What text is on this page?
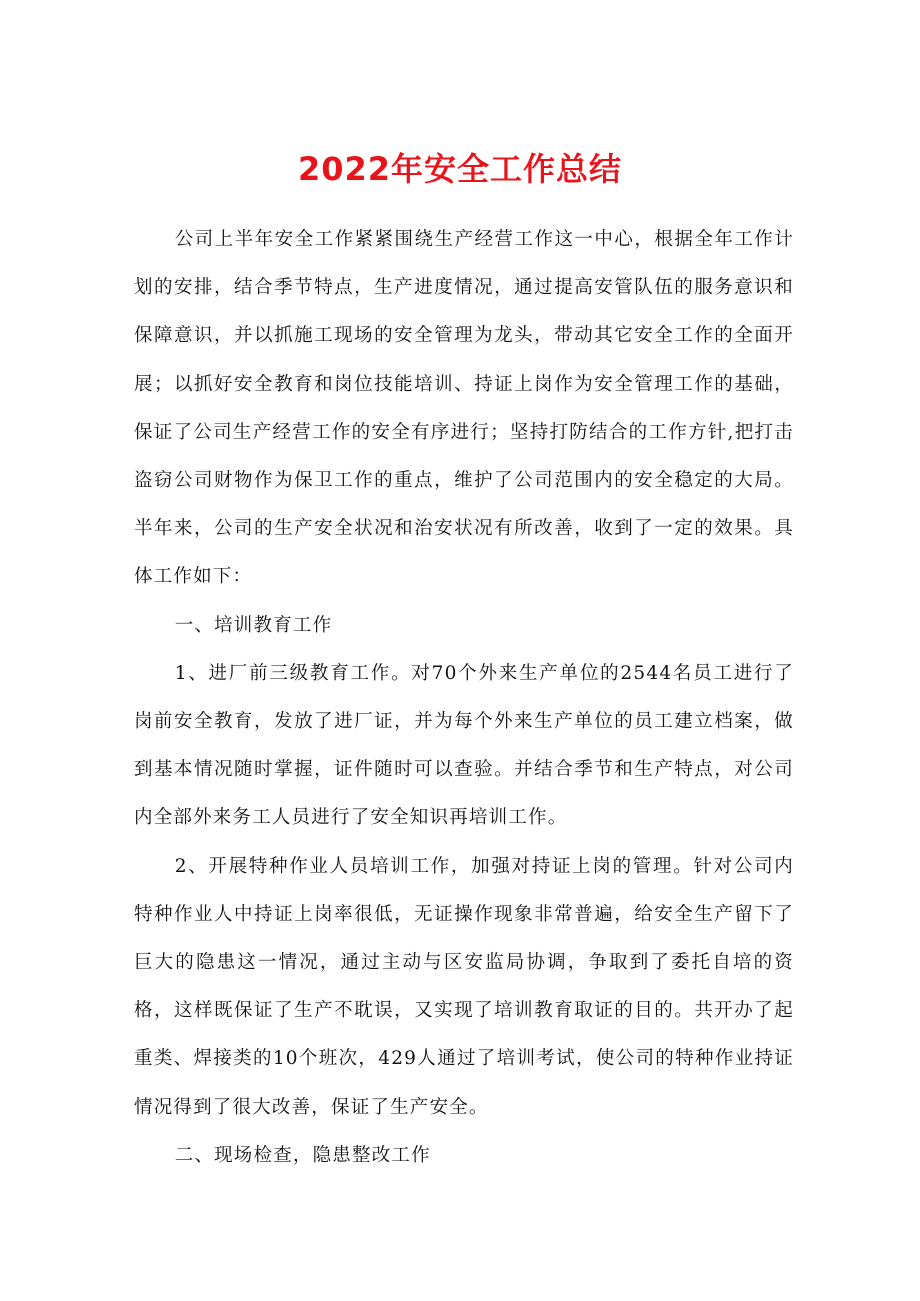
2022年安全工作总结

公司上半年安全工作紧紧围绕生产经营工作这一中心，根据全年工作计划的安排，结合季节特点，生产进度情况，通过提高安管队伍的服务意识和保障意识，并以抓施工现场的安全管理为龙头，带动其它安全工作的全面开展；以抓好安全教育和岗位技能培训、持证上岗作为安全管理工作的基础，保证了公司生产经营工作的安全有序进行；坚持打防结合的工作方针,把打击盗窃公司财物作为保卫工作的重点，维护了公司范围内的安全稳定的大局。半年来，公司的生产安全状况和治安状况有所改善，收到了一定的效果。具体工作如下：

一、培训教育工作

1、进厂前三级教育工作。对70个外来生产单位的2544名员工进行了岗前安全教育，发放了进厂证，并为每个外来生产单位的员工建立档案，做到基本情况随时掌握，证件随时可以查验。并结合季节和生产特点，对公司内全部外来务工人员进行了安全知识再培训工作。

2、开展特种作业人员培训工作，加强对持证上岗的管理。针对公司内特种作业人中持证上岗率很低，无证操作现象非常普遍，给安全生产留下了巨大的隐患这一情况，通过主动与区安监局协调，争取到了委托自培的资格，这样既保证了生产不耽误，又实现了培训教育取证的目的。共开办了起重类、焊接类的10个班次，429人通过了培训考试，使公司的特种作业持证情况得到了很大改善，保证了生产安全。

二、现场检查，隐患整改工作
